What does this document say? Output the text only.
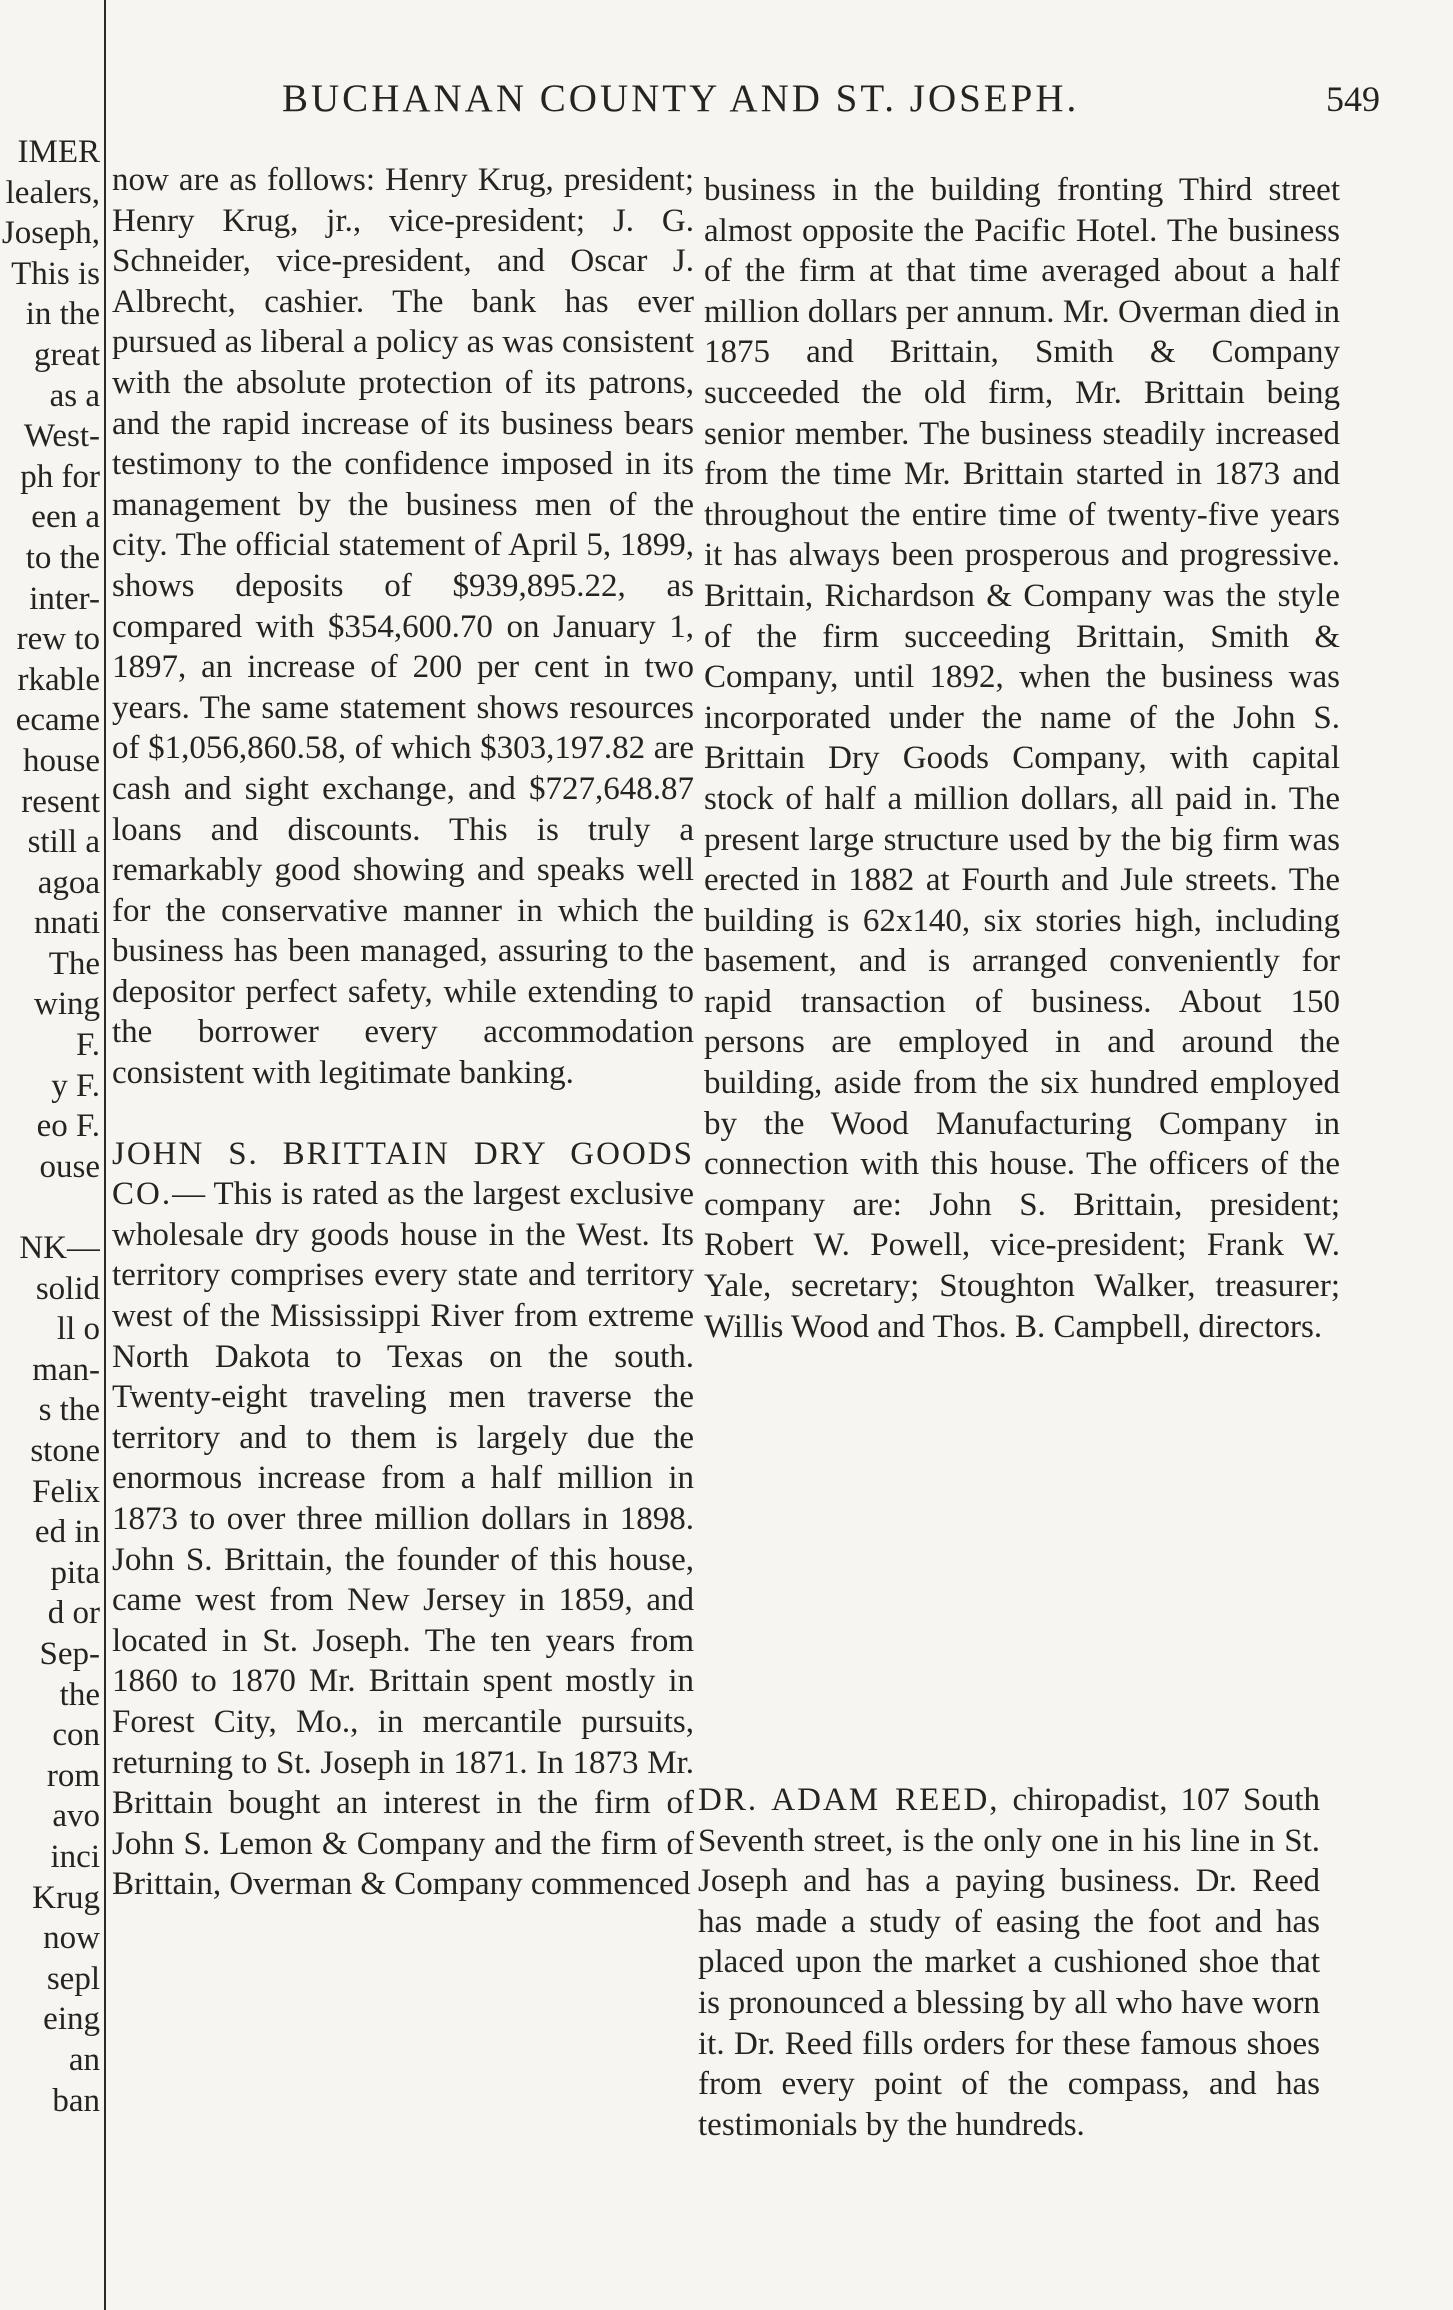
BUCHANAN COUNTY AND ST. JOSEPH.	549
IMER
lealers,
Joseph,
This is
in the
great
as a
West-
ph for
een a
to the
inter-
rew to
rkable
ecame
house
resent
still a
agoa
nnati
The
wing
F.
y F.
eo F.
ouse
NK—
solid
ll o
man-
s the
stone
Felix
ed in
pita
d or
Sep-
the
con
rom
avo
inci
Krug
now
sepl
eing
an
ban

now are as follows: Henry Krug, president; Henry Krug, jr., vice-president; J. G. Schneider, vice-president, and Oscar J. Albrecht, cashier. The bank has ever pursued as liberal a policy as was consistent with the absolute protection of its patrons, and the rapid increase of its business bears testimony to the confidence imposed in its management by the business men of the city. The official statement of April 5, 1899, shows deposits of $939,895.22, as compared with $354,600.70 on January 1, 1897, an increase of 200 per cent in two years. The same statement shows resources of $1,056,860.58, of which $303,197.82 are cash and sight exchange, and $727,648.87 loans and discounts. This is truly a remarkably good showing and speaks well for the conservative manner in which the business has been managed, assuring to the depositor perfect safety, while extending to the borrower every accommodation consistent with legitimate banking.

JOHN S. BRITTAIN DRY GOODS CO.— This is rated as the largest exclusive wholesale dry goods house in the West. Its territory comprises every state and territory west of the Mississippi River from extreme North Dakota to Texas on the south. Twenty-eight traveling men traverse the territory and to them is largely due the enormous increase from a half million in 1873 to over three million dollars in 1898. John S. Brittain, the founder of this house, came west from New Jersey in 1859, and located in St. Joseph. The ten years from 1860 to 1870 Mr. Brittain spent mostly in Forest City, Mo., in mercantile pursuits, returning to St. Joseph in 1871. In 1873 Mr. Brittain bought an interest in the firm of John S. Lemon & Company and the firm of Brittain, Overman & Company commenced

business in the building fronting Third street almost opposite the Pacific Hotel. The business of the firm at that time averaged about a half million dollars per annum. Mr. Overman died in 1875 and Brittain, Smith & Company succeeded the old firm, Mr. Brittain being senior member. The business steadily increased from the time Mr. Brittain started in 1873 and throughout the entire time of twenty-five years it has always been prosperous and progressive. Brittain, Richardson & Company was the style of the firm succeeding Brittain, Smith & Company, until 1892, when the business was incorporated under the name of the John S. Brittain Dry Goods Company, with capital stock of half a million dollars, all paid in. The present large structure used by the big firm was erected in 1882 at Fourth and Jule streets. The building is 62x140, six stories high, including basement, and is arranged conveniently for rapid transaction of business. About 150 persons are employed in and around the building, aside from the six hundred employed by the Wood Manufacturing Company in connection with this house. The officers of the company are: John S. Brittain, president; Robert W. Powell, vice-president; Frank W. Yale, secretary; Stoughton Walker, treasurer; Willis Wood and Thos. B. Campbell, directors.

DR. ADAM REED, chiropadist, 107 South Seventh street, is the only one in his line in St. Joseph and has a paying business. Dr. Reed has made a study of easing the foot and has placed upon the market a cushioned shoe that is pronounced a blessing by all who have worn it. Dr. Reed fills orders for these famous shoes from every point of the compass, and has testimonials by the hundreds.
